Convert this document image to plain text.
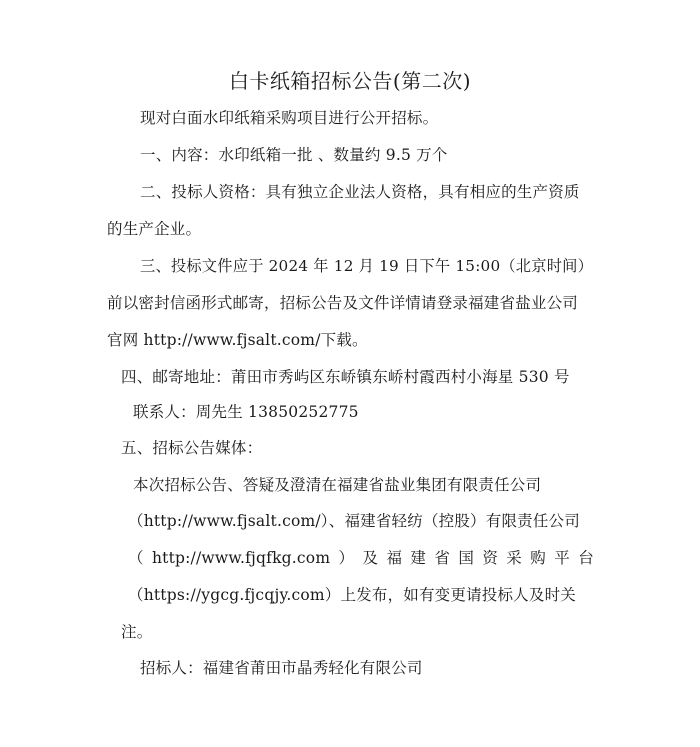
白卡纸箱招标公告(第二次)
现对白面水印纸箱采购项目进行公开招标。
一、内容：水印纸箱一批 、数量约 9.5 万个
二、投标人资格：具有独立企业法人资格，具有相应的生产资质
的生产企业。
三、投标文件应于 2024 年 12 月 19 日下午 15:00（北京时间）
前以密封信函形式邮寄，招标公告及文件详情请登录福建省盐业公司
官网 http://www.fjsalt.com/下载。
四、邮寄地址：莆田市秀屿区东峤镇东峤村霞西村小海星 530 号
联系人：周先生 13850252775
五、招标公告媒体：
本次招标公告、答疑及澄清在福建省盐业集团有限责任公司
（http://www.fjsalt.com/）、福建省轻纺（控股）有限责任公司
（ http://www.fjqfkg.com ） 及 福 建 省 国 资 采 购 平 台
（https://ygcg.fjcqjy.com）上发布，如有变更请投标人及时关
注。
招标人：福建省莆田市晶秀轻化有限公司
